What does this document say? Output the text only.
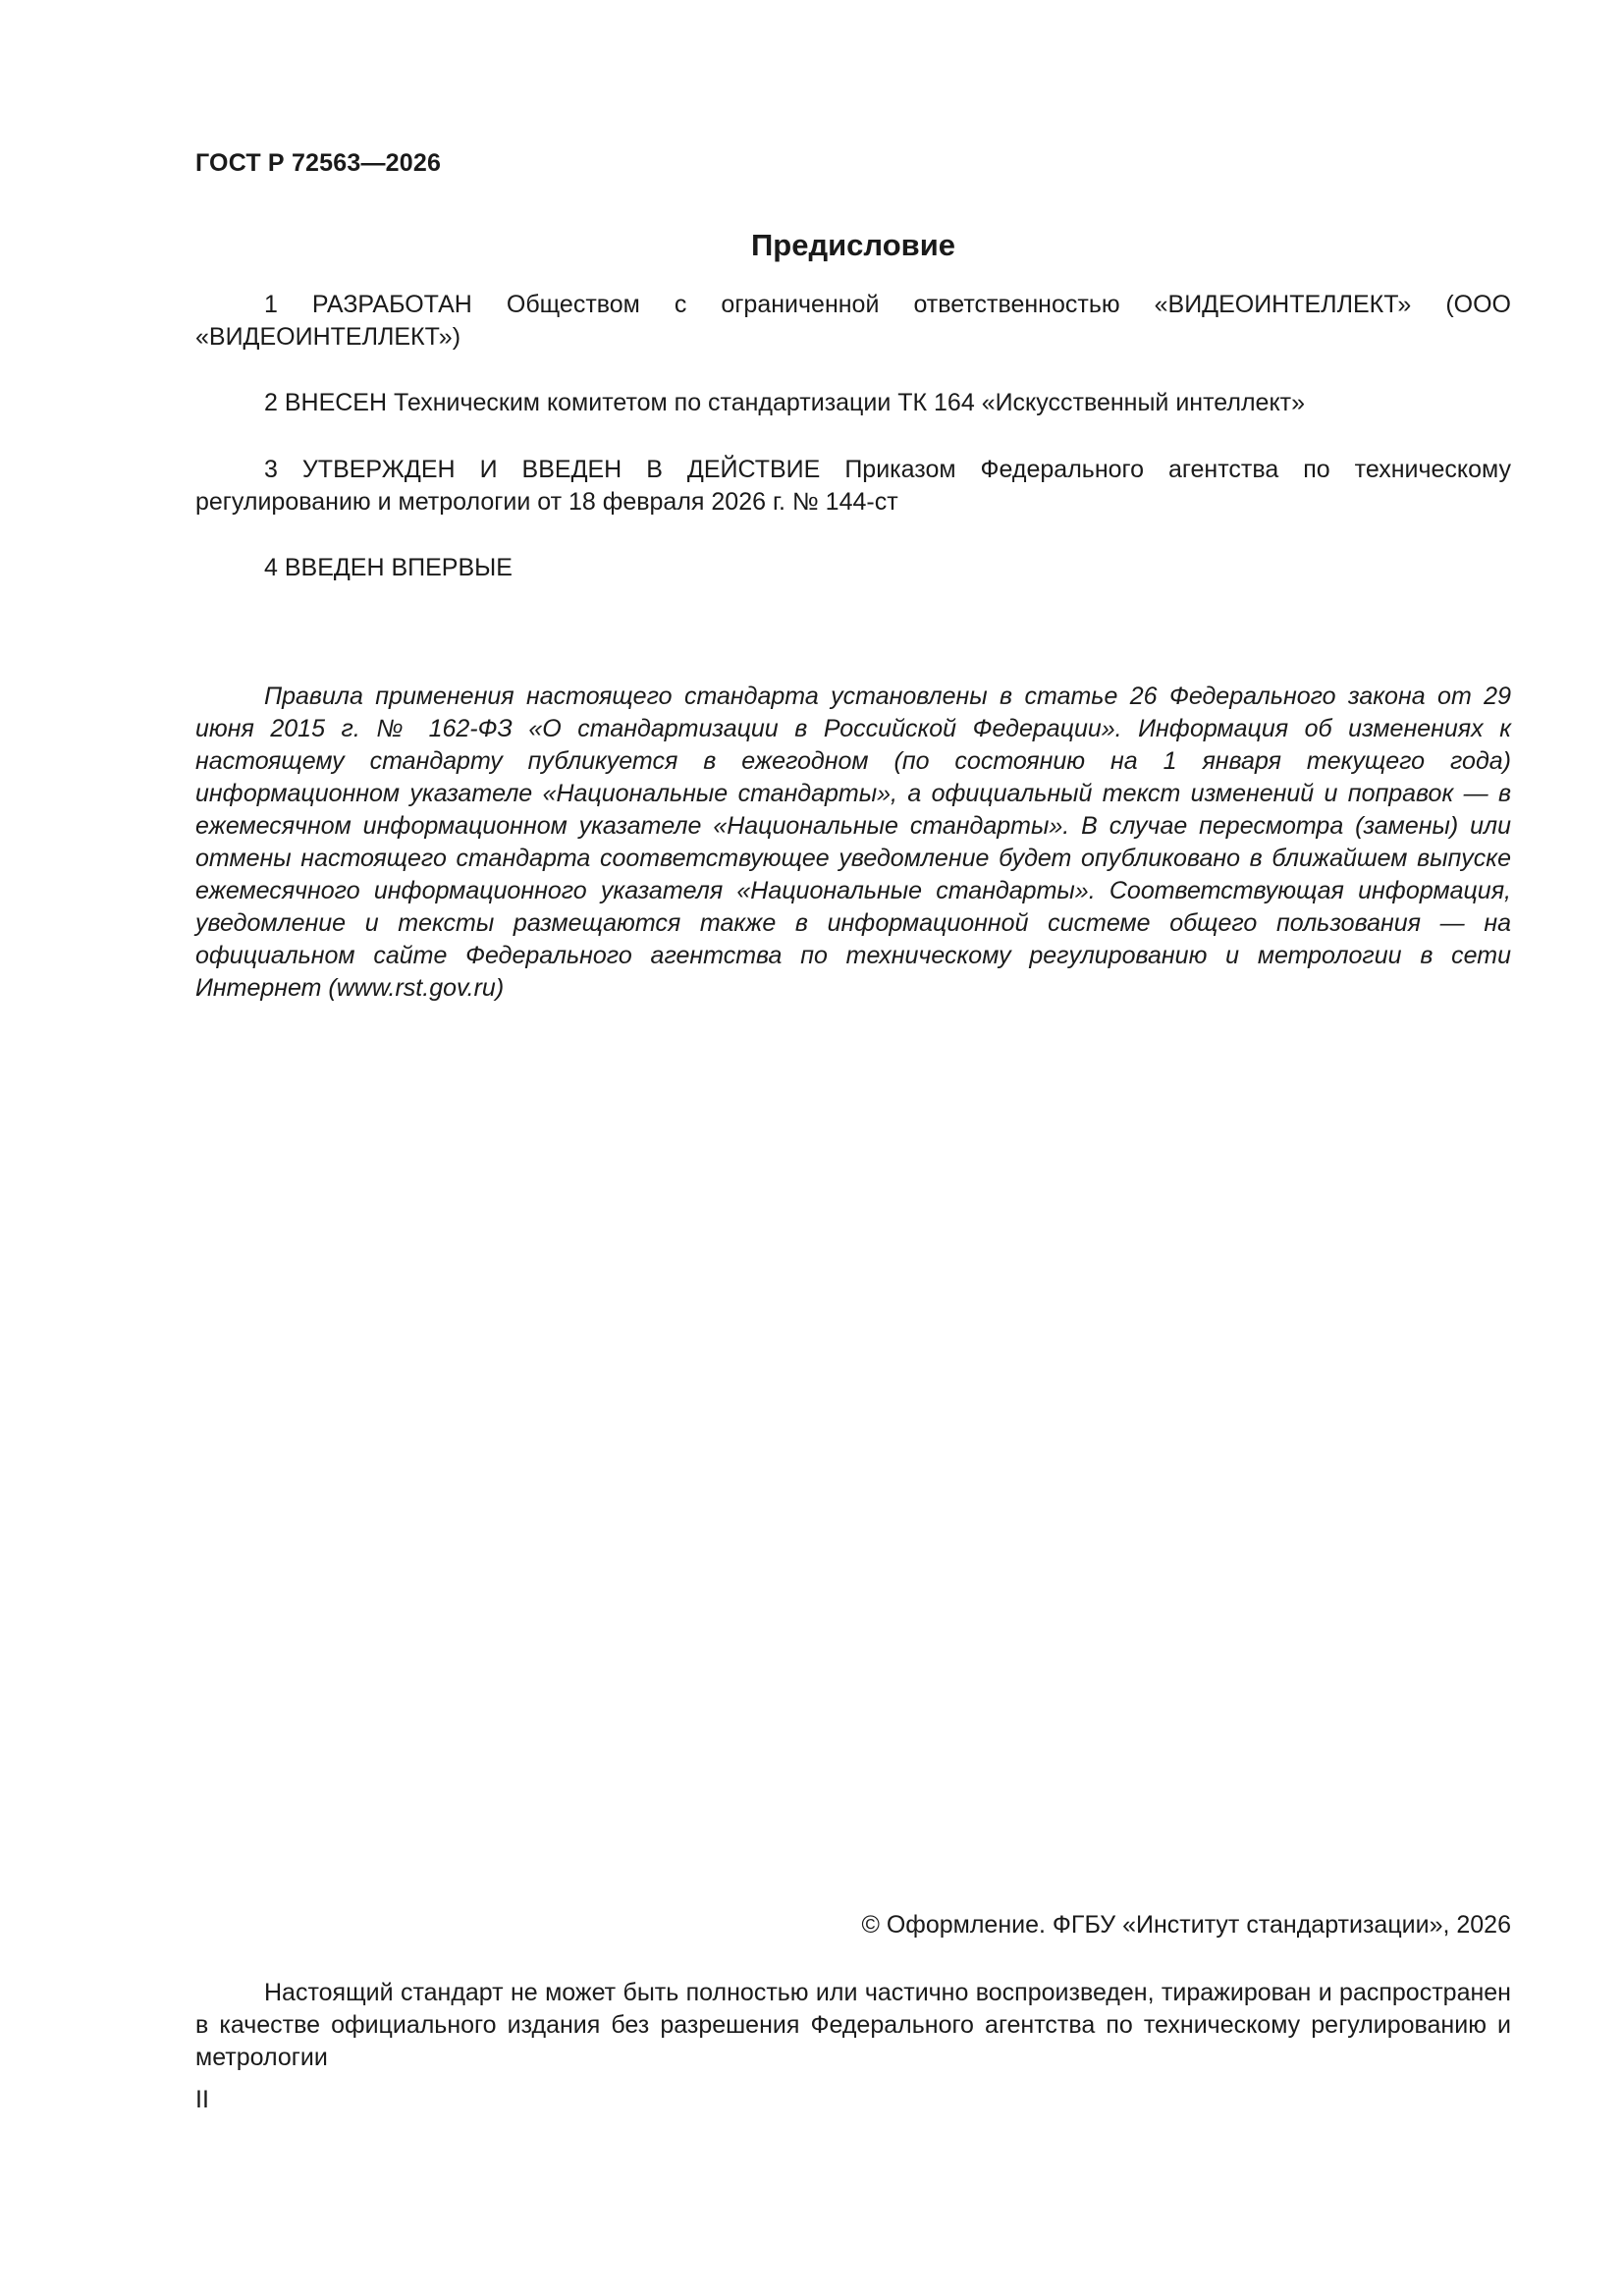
ГОСТ Р 72563—2026
Предисловие

1 РАЗРАБОТАН Обществом с ограниченной ответственностью «ВИДЕОИНТЕЛЛЕКТ» (ООО «ВИДЕОИНТЕЛЛЕКТ»)

2 ВНЕСЕН Техническим комитетом по стандартизации ТК 164 «Искусственный интеллект»

3 УТВЕРЖДЕН И ВВЕДЕН В ДЕЙСТВИЕ Приказом Федерального агентства по техническому регулированию и метрологии от 18 февраля 2026 г. № 144-ст

4 ВВЕДЕН ВПЕРВЫЕ

Правила применения настоящего стандарта установлены в статье 26 Федерального закона от 29 июня 2015 г. № 162-ФЗ «О стандартизации в Российской Федерации». Информация об изменениях к настоящему стандарту публикуется в ежегодном (по состоянию на 1 января текущего года) информационном указателе «Национальные стандарты», а официальный текст изменений и поправок — в ежемесячном информационном указателе «Национальные стандарты». В случае пересмотра (замены) или отмены настоящего стандарта соответствующее уведомление будет опубликовано в ближайшем выпуске ежемесячного информационного указателя «Национальные стандарты». Соответствующая информация, уведомление и тексты размещаются также в информационной системе общего пользования — на официальном сайте Федерального агентства по техническому регулированию и метрологии в сети Интернет (www.rst.gov.ru)

© Оформление. ФГБУ «Институт стандартизации», 2026

Настоящий стандарт не может быть полностью или частично воспроизведен, тиражирован и распространен в качестве официального издания без разрешения Федерального агентства по техническому регулированию и метрологии

II
